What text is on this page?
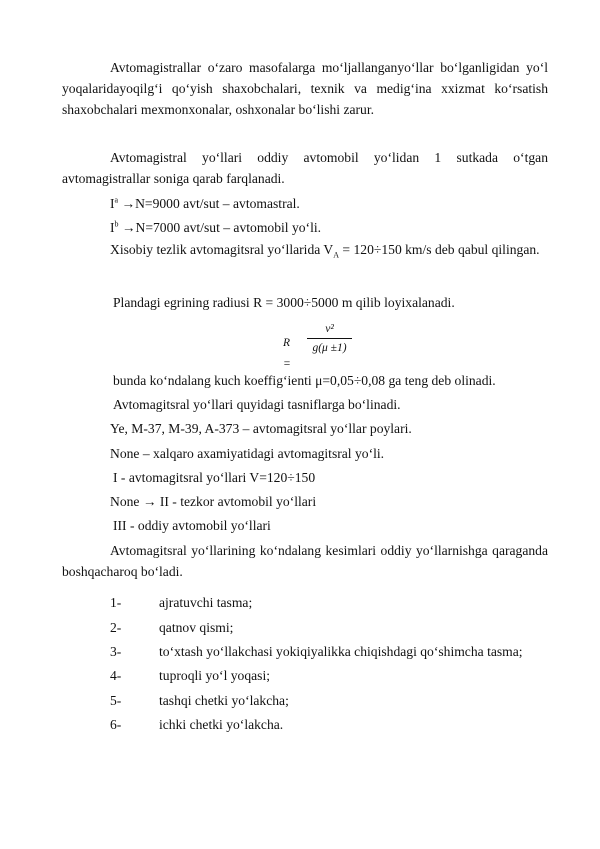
Avtomagistrallar o‘zaro masofalarga mo‘ljallanganyo‘llar bo‘lganligidan yo‘l yoqalaridayoqilg‘i qo‘yish shaxobchalari, texnik va medig‘ina xxizmat ko‘rsatish shaxobchalari mexmonxonalar, oshxonalar bo‘lishi zarur.

Avtomagistral yo‘llari oddiy avtomobil yo‘lidan 1 sutkada o‘tgan avtomagistrallar soniga qarab farqlanadi.

$I^a \to N=9000$ avt/sut – avtomastral.
$I^b \to N=7000$ avt/sut – avtomobil yo‘li.

Xisobiy tezlik avtomagitsral yo‘llarida $V_A = 120\div 150$ km/s deb qabul qilingan.

Plandagi egrining radiusi R = 3000÷5000 m qilib loyixalanadi.
R =
v²
g(μ ±1)
bunda ko‘ndalang kuch koeffig‘ienti μ=0,05÷0,08 ga teng deb olinadi.
Avtomagitsral yo‘llari quyidagi tasniflarga bo‘linadi.
Ye, M-37, M-39, A-373 – avtomagitsral yo‘llar poylari.
None – xalqaro axamiyatidagi avtomagitsral yo‘li.
I - avtomagitsral yo‘llari V=120÷150
None → II - tezkor avtomobil yo‘llari
III - oddiy avtomobil yo‘llari

Avtomagitsral yo‘llarining ko‘ndalang kesimlari oddiy yo‘llarnishga qaraganda boshqacharoq bo‘ladi.

1-	ajratuvchi tasma;
2-	qatnov qismi;
3-	to‘xtash yo‘llakchasi yokiqiyalikka chiqishdagi qo‘shimcha tasma;
4-	tuproqli yo‘l yoqasi;
5-	tashqi chetki yo‘lakcha;
6-	ichki chetki yo‘lakcha.
